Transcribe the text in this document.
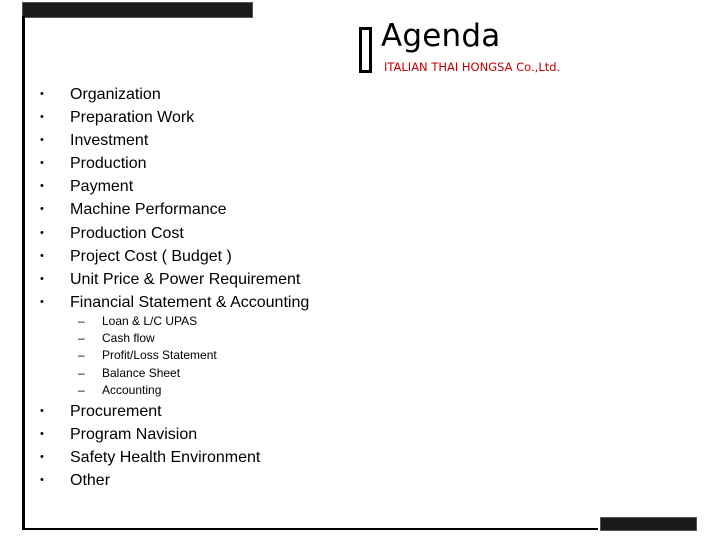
Agenda
ITALIAN THAI HONGSA Co.,Ltd.
•	Organization
•	Preparation Work
•	Investment
•	Production
•	Payment
•	Machine Performance
•	Production Cost
•	Project Cost ( Budget )
•	Unit Price & Power Requirement
•	Financial Statement & Accounting
–	Loan & L/C UPAS
–	Cash flow
–	Profit/Loss Statement
–	Balance Sheet
–	Accounting
•	Procurement
•	Program Navision
•	Safety Health Environment
•	Other
